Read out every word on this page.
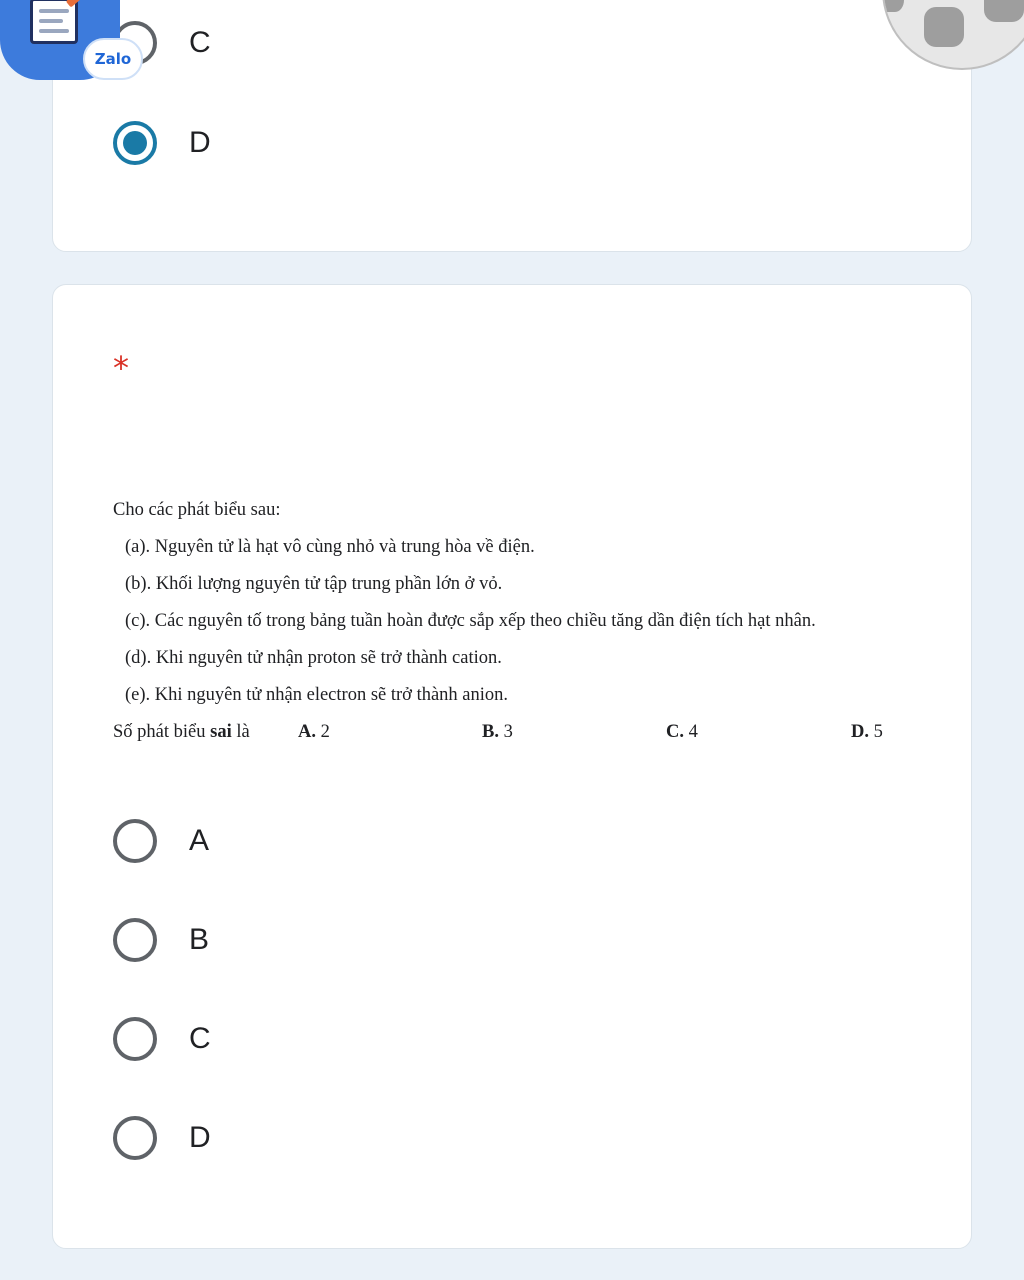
C
D
*
Cho các phát biểu sau:
(a). Nguyên tử là hạt vô cùng nhỏ và trung hòa về điện.
(b). Khối lượng nguyên tử tập trung phần lớn ở vỏ.
(c). Các nguyên tố trong bảng tuần hoàn được sắp xếp theo chiều tăng dần điện tích hạt nhân.
(d). Khi nguyên tử nhận proton sẽ trở thành cation.
(e). Khi nguyên tử nhận electron sẽ trở thành anion.
Số phát biểu sai là	A. 2	B. 3	C. 4	D. 5
A
B
C
D
Zalo
